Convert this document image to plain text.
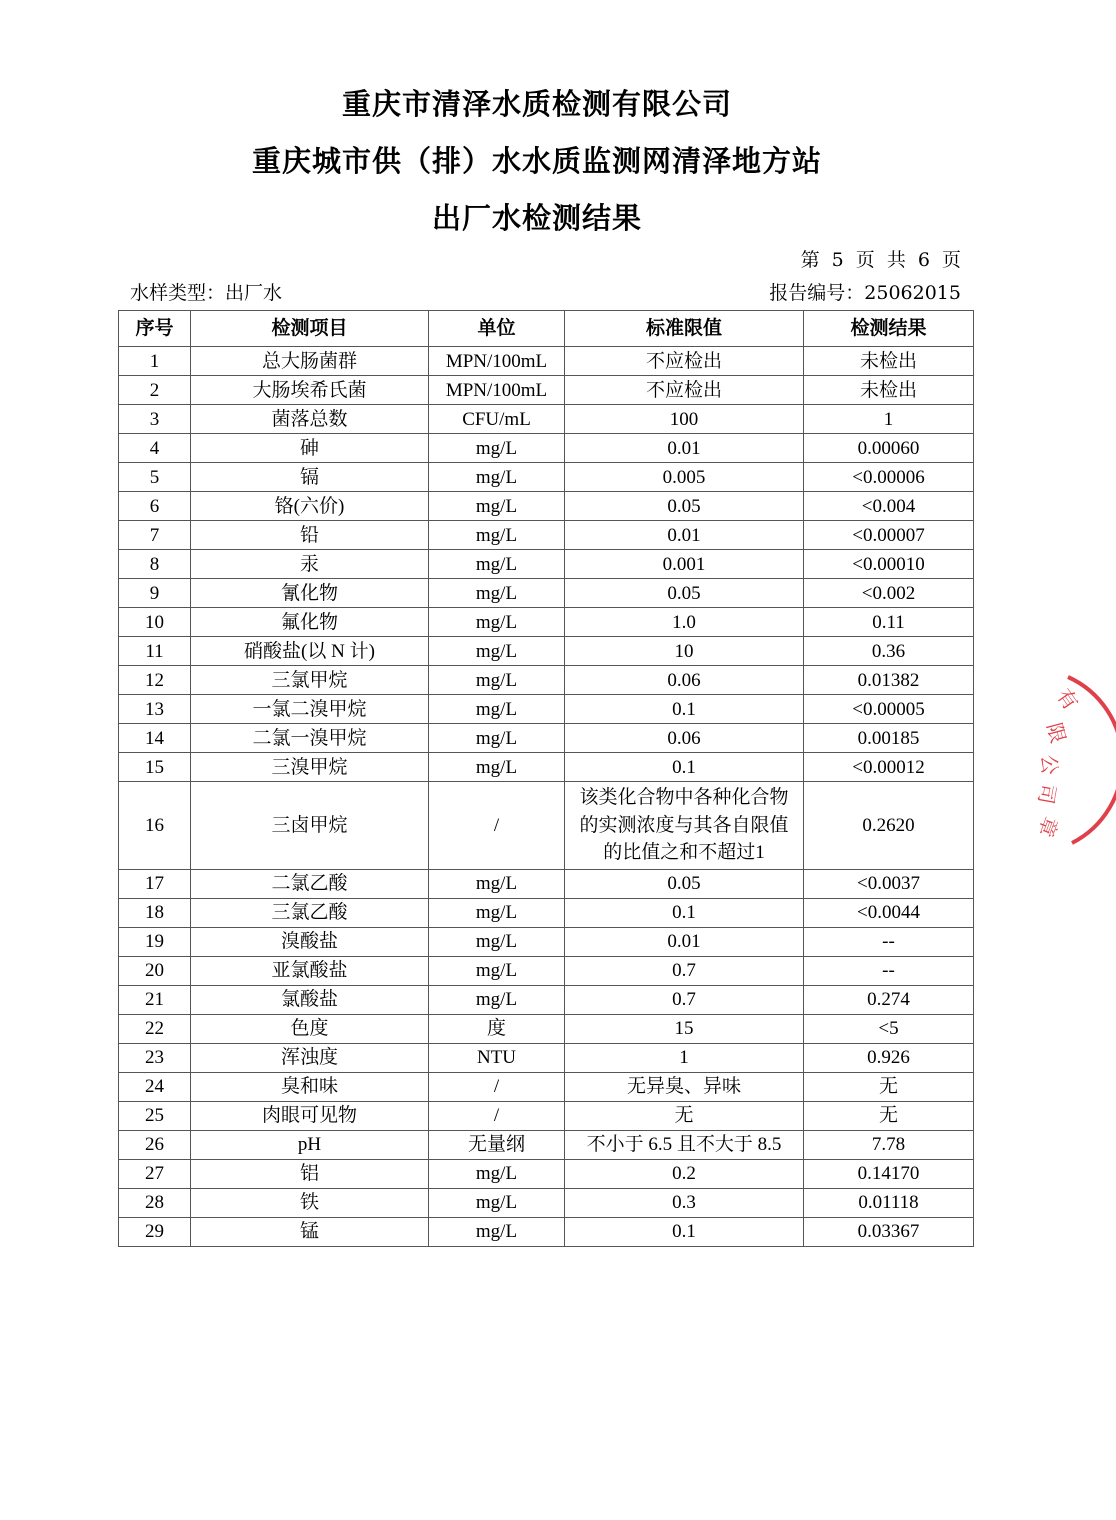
重庆市清泽水质检测有限公司
重庆城市供（排）水水质监测网清泽地方站
出厂水检测结果
第 5 页 共 6 页
水样类型：出厂水	报告编号：25062015
序号	检测项目	单位	标准限值	检测结果
1	总大肠菌群	MPN/100mL	不应检出	未检出
2	大肠埃希氏菌	MPN/100mL	不应检出	未检出
3	菌落总数	CFU/mL	100	1
4	砷	mg/L	0.01	0.00060
5	镉	mg/L	0.005	<0.00006
6	铬(六价)	mg/L	0.05	<0.004
7	铅	mg/L	0.01	<0.00007
8	汞	mg/L	0.001	<0.00010
9	氰化物	mg/L	0.05	<0.002
10	氟化物	mg/L	1.0	0.11
11	硝酸盐(以 N 计)	mg/L	10	0.36
12	三氯甲烷	mg/L	0.06	0.01382
13	一氯二溴甲烷	mg/L	0.1	<0.00005
14	二氯一溴甲烷	mg/L	0.06	0.00185
15	三溴甲烷	mg/L	0.1	<0.00012
16	三卤甲烷	/	该类化合物中各种化合物的实测浓度与其各自限值的比值之和不超过1	0.2620
17	二氯乙酸	mg/L	0.05	<0.0037
18	三氯乙酸	mg/L	0.1	<0.0044
19	溴酸盐	mg/L	0.01	--
20	亚氯酸盐	mg/L	0.7	--
21	氯酸盐	mg/L	0.7	0.274
22	色度	度	15	<5
23	浑浊度	NTU	1	0.926
24	臭和味	/	无异臭、异味	无
25	肉眼可见物	/	无	无
26	pH	无量纲	不小于 6.5 且不大于 8.5	7.78
27	铝	mg/L	0.2	0.14170
28	铁	mg/L	0.3	0.01118
29	锰	mg/L	0.1	0.03367
有
限
公
司
章
